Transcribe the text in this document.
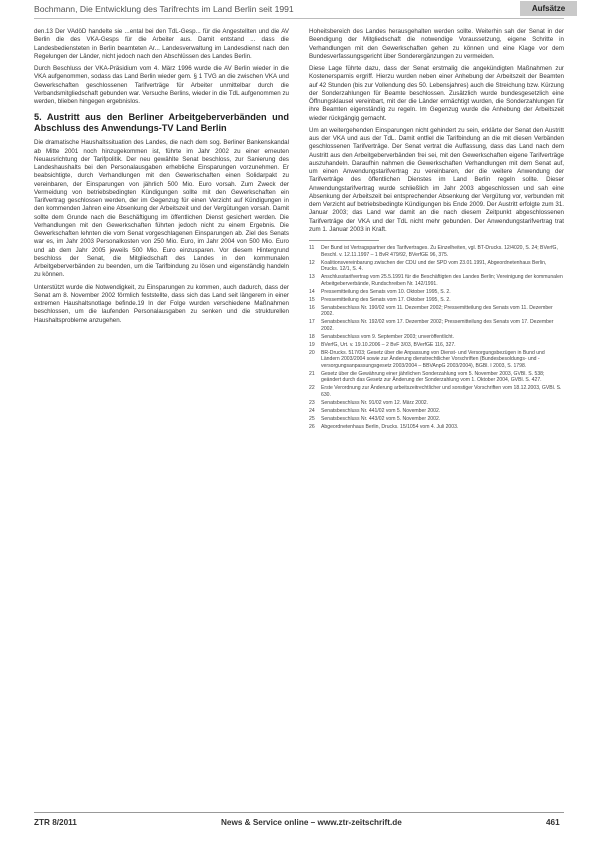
Bochmann, Die Entwicklung des Tarifrechts im Land Berlin seit 1991	Aufsätze

den.13 Der VAdöD handelte sie ...ental bei den TdL-Gesp... für die Angestellten und die AV Berlin die des VKA-Gesps für die Arbeiter aus. Damit entstand ... dass die Landesbediensteten in Berlin beamteten Ar... Landesverwaltung im Landesdienst nach den Regelungen der Länder, nicht jedoch nach den Abschlüssen des Landes Berlin.

Durch Beschluss der VKA-Präsidium vom 4. März 1996 wurde die AV Berlin wieder in die VKA aufgenommen, sodass das Land Berlin wieder gem. § 1 TVG an die zwischen VKA und Gewerkschaften geschlossenen Tarifverträge für Arbeiter unmittelbar durch die Verbandsmitgliedschaft gebunden war. Versuche Berlins, wieder in die TdL aufgenommen zu werden, blieben hingegen ergebnislos.

5. Austritt aus den Berliner Arbeitgeberverbänden und Abschluss des Anwendungs-TV Land Berlin

Die dramatische Haushaltssituation des Landes, die nach dem sog. Berliner Bankenskandal ab Mitte 2001 noch hinzugekommen ist, führte im Jahr 2002 zu einer erneuten Neuausrichtung der Tarifpolitik. Der neu gewählte Senat beschloss, zur Sanierung des Landeshaushalts bei den Personalausgaben erhebliche Einsparungen vorzunehmen. Er beabsichtigte, durch Verhandlungen mit den Gewerkschaften einen Solidarpakt zu vereinbaren, der Einsparungen von jährlich 500 Mio. Euro vorsah. Zum Zweck der Vermeidung von betriebsbedingten Kündigungen sollte mit den Gewerkschaften ein Tarifvertrag geschlossen werden, der im Gegenzug für einen Verzicht auf Kündigungen in den kommenden Jahren eine Absenkung der Arbeitszeit und der Vergütungen vorsah. Damit sollte dem Grunde nach die Beschäftigung im öffentlichen Dienst gesichert werden. Die Verhandlungen mit den Gewerkschaften führten jedoch nicht zu einem Ergebnis. Die Gewerkschaften lehnten die vom Senat vorgeschlagenen Einsparungen ab. Ziel des Senats war es, im Jahr 2003 Personalkosten von 250 Mio. Euro, im Jahr 2004 von 500 Mio. Euro und ab dem Jahr 2005 jeweils 500 Mio. Euro einzusparen. Vor diesem Hintergrund beschloss der Senat, die Mitgliedschaft des Landes in den kommunalen Arbeitgeberverbänden zu beenden, um die Tarifbindung zu lösen und eigenständig handeln zu können.

Unterstützt wurde die Notwendigkeit, zu Einsparungen zu kommen, auch dadurch, dass der Senat am 8. November 2002 förmlich feststellte, dass sich das Land seit längerem in einer extremen Haushaltsnotlage befinde.19 In der Folge wurden verschiedene Maßnahmen beschlossen, um die laufenden Personalausgaben zu senken und die strukturellen Haushaltsprobleme anzugehen.

Hoheitsbereich des Landes herausgehalten werden sollte. Weiterhin sah der Senat in der Beendigung der Mitgliedschaft die notwendige Voraussetzung, eigene Schritte in Verhandlungen mit den Gewerkschaften gehen zu können und eine Klage vor dem Bundesverfassungsgericht über Sonderergänzungen zu vermeiden.

Diese Lage führte dazu, dass der Senat erstmalig die angekündigten Maßnahmen zur Kostenersparnis ergriff. Hierzu wurden neben einer Anhebung der Arbeitszeit der Beamten auf 42 Stunden (bis zur Vollendung des 50. Lebensjahres) auch die Streichung bzw. Kürzung der Sonderzahlungen für Beamte beschlossen. Zusätzlich wurde bundesgesetzlich eine Öffnungsklausel vereinbart, mit der die Länder ermächtigt wurden, die Sonderzahlungen für ihre Beamten eigenständig zu regeln. Im Gegenzug wurde die Anhebung der Arbeitszeit wieder rückgängig gemacht.

Um an weitergehenden Einsparungen nicht gehindert zu sein, erklärte der Senat den Austritt aus der VKA und aus der TdL. Damit entfiel die Tarifbindung an die mit diesen Verbänden geschlossenen Tarifverträge. Der Senat vertrat die Auffassung, dass das Land nach dem Austritt aus den Arbeitgeberverbänden frei sei, mit den Gewerkschaften eigene Tarifverträge auszuhandeln. Daraufhin nahmen die Gewerkschaften Verhandlungen mit dem Senat auf, um einen Anwendungstarifvertrag zu vereinbaren, der die weitere Anwendung der Tarifverträge des öffentlichen Dienstes im Land Berlin regeln sollte. Dieser Anwendungstarifvertrag wurde schließlich im Jahr 2003 abgeschlossen und sah eine Absenkung der Arbeitszeit bei entsprechender Absenkung der Vergütung vor, verbunden mit dem Verzicht auf betriebsbedingte Kündigungen bis Ende 2009. Der Austritt erfolgte zum 31. Januar 2003; das Land war damit an die nach diesem Zeitpunkt abgeschlossenen Tarifverträge der VKA und der TdL nicht mehr gebunden. Der Anwendungstarifvertrag trat zum 1. Januar 2003 in Kraft.

11	Der Bund ist Vertragspartner des Tarifvertrages. Zu Einzelheiten, vgl. BT-Drucks. 12/4020, S. 24; BVerfG, Beschl. v. 12.11.1997 – 1 BvR 479/92, BVerfGE 96, 375.
12	Koalitionsvereinbarung zwischen der CDU und der SPD vom 23.01.1991, Abgeordnetenhaus Berlin, Drucks. 12/1, S. 4.
13	Anschlusstarifvertrag vom 25.5.1991 für die Beschäftigten des Landes Berlin; Vereinigung der kommunalen Arbeitgeberverbände, Rundschreiben Nr. 142/1991.
14	Pressemitteilung des Senats vom 10. Oktober 1995, S. 2.
15	Pressemitteilung des Senats vom 17. Oktober 1995, S. 2.
16	Senatsbeschluss Nr. 190/02 vom 11. Dezember 2002; Pressemitteilung des Senats vom 11. Dezember 2002.
17	Senatsbeschluss Nr. 192/02 vom 17. Dezember 2002; Pressemitteilung des Senats vom 17. Dezember 2002.
18	Senatsbeschluss vom 9. September 2003; unveröffentlicht.
19	BVerfG, Urt. v. 19.10.2006 – 2 BvF 3/03, BVerfGE 116, 327.
20	BR-Drucks. 517/03; Gesetz über die Anpassung von Dienst- und Versorgungsbezügen in Bund und Ländern 2003/2004 sowie zur Änderung dienstrechtlicher Vorschriften (Bundesbesoldungs- und -versorgungsanpassungsgesetz 2003/2004 – BBVAnpG 2003/2004), BGBl. I 2003, S. 1798.
21	Gesetz über die Gewährung einer jährlichen Sonderzahlung vom 5. November 2003, GVBl. S. 538; geändert durch das Gesetz zur Änderung der Sonderzahlung vom 1. Oktober 2004, GVBl. S. 427.
22	Erste Verordnung zur Änderung arbeitszeitrechtlicher und sonstiger Vorschriften vom 18.12.2003, GVBl. S. 630.
23	Senatsbeschluss Nr. 91/02 vom 12. März 2002.
24	Senatsbeschluss Nr. 441/02 vom 5. November 2002.
25	Senatsbeschluss Nr. 443/02 vom 5. November 2002.
26	Abgeordnetenhaus Berlin, Drucks. 15/1054 vom 4. Juli 2003.
ZTR 8/2011	News & Service online – www.ztr-zeitschrift.de	461
